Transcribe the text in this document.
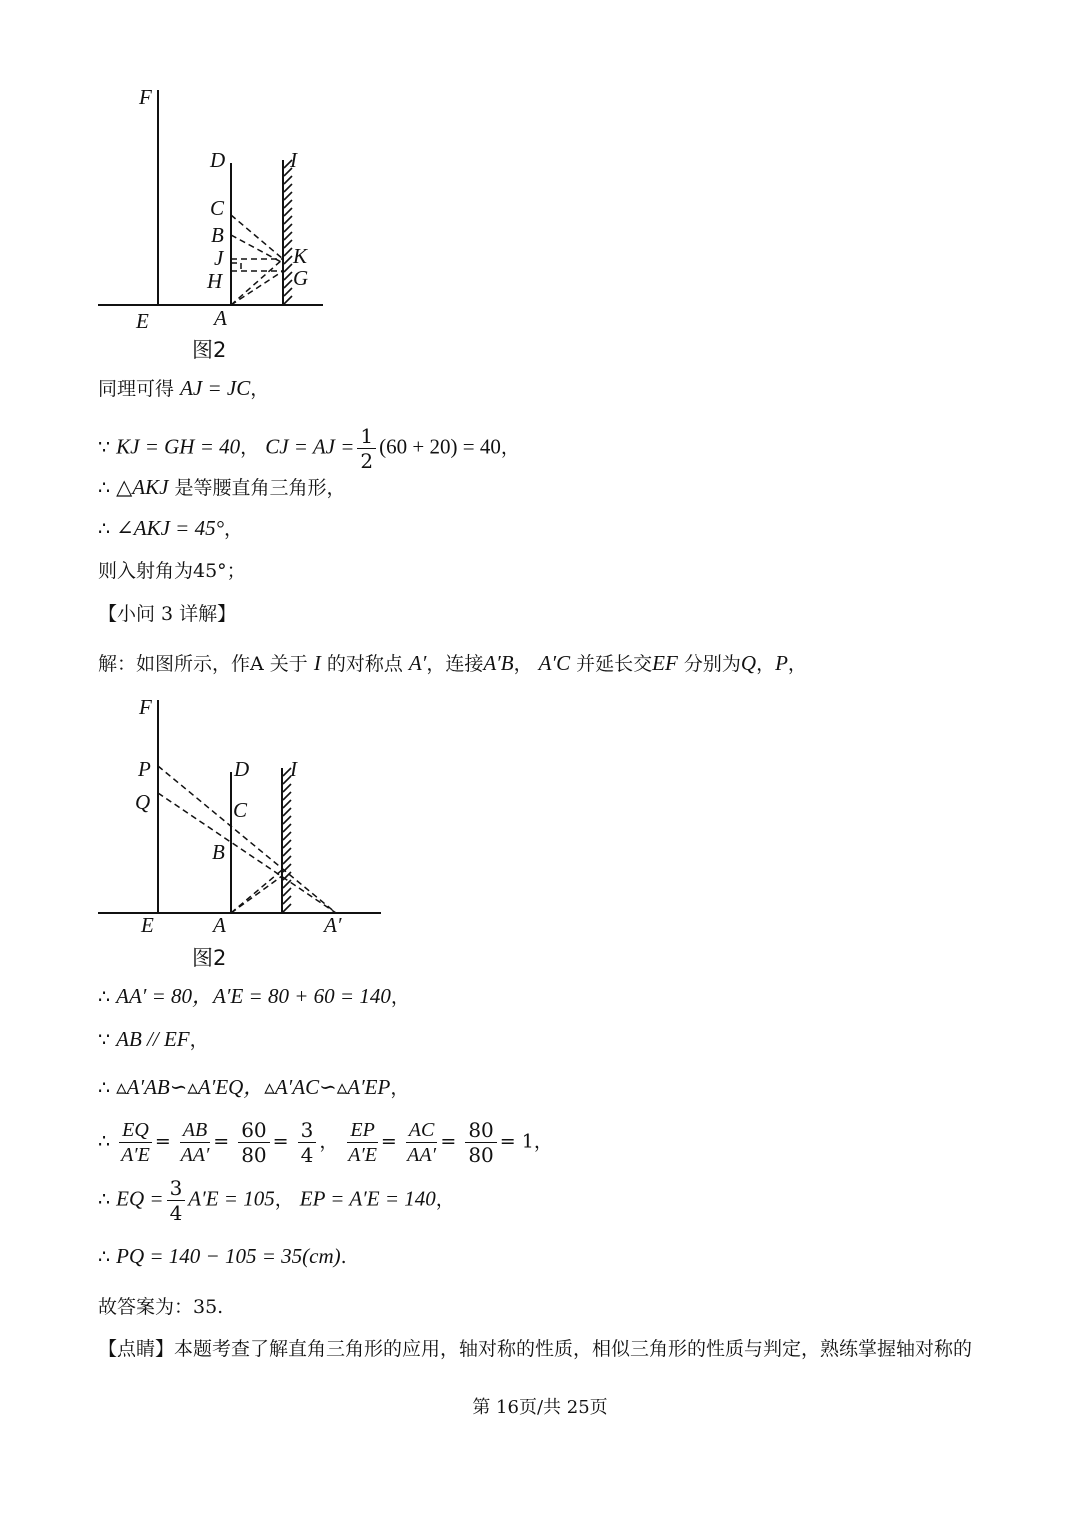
F
D	I
C
B
J	K
H	G
E	A
图2
同理可得 AJ = JC，
∵ KJ = GH = 40， CJ = AJ = $\frac{1}{2} (60 + 20) = 40$，
∴ △AKJ 是等腰直角三角形，
∴ ∠AKJ = 45°，
则入射角为45°；
【小问 3 详解】
解：如图所示，作A 关于 I 的对称点 A′，连接A′B， A′C 并延长交EF 分别为Q，P，
F
P	D I
Q	C
B
E	A	A′
图2
∴ AA′ = 80，A′E = 80 + 60 = 140，
∵ AB // EF，
∴ ▵A′AB∽▵A′EQ，▵A′AC∽▵A′EP，
∴ $\frac{EQ}{A'E} = \frac{AB}{AA'} = \frac{60}{80} = \frac{3}{4}$ ， $\frac{EP}{A'E} = \frac{AC}{AA'} = \frac{80}{80} = 1$，
∴ EQ = $\frac{3}{4} A'E = 105$， EP = A′E = 140，
∴ PQ = 140 − 105 = 35(cm).
故答案为：35.
【点睛】本题考查了解直角三角形的应用，轴对称的性质，相似三角形的性质与判定，熟练掌握轴对称的
第 16页/共 25页
